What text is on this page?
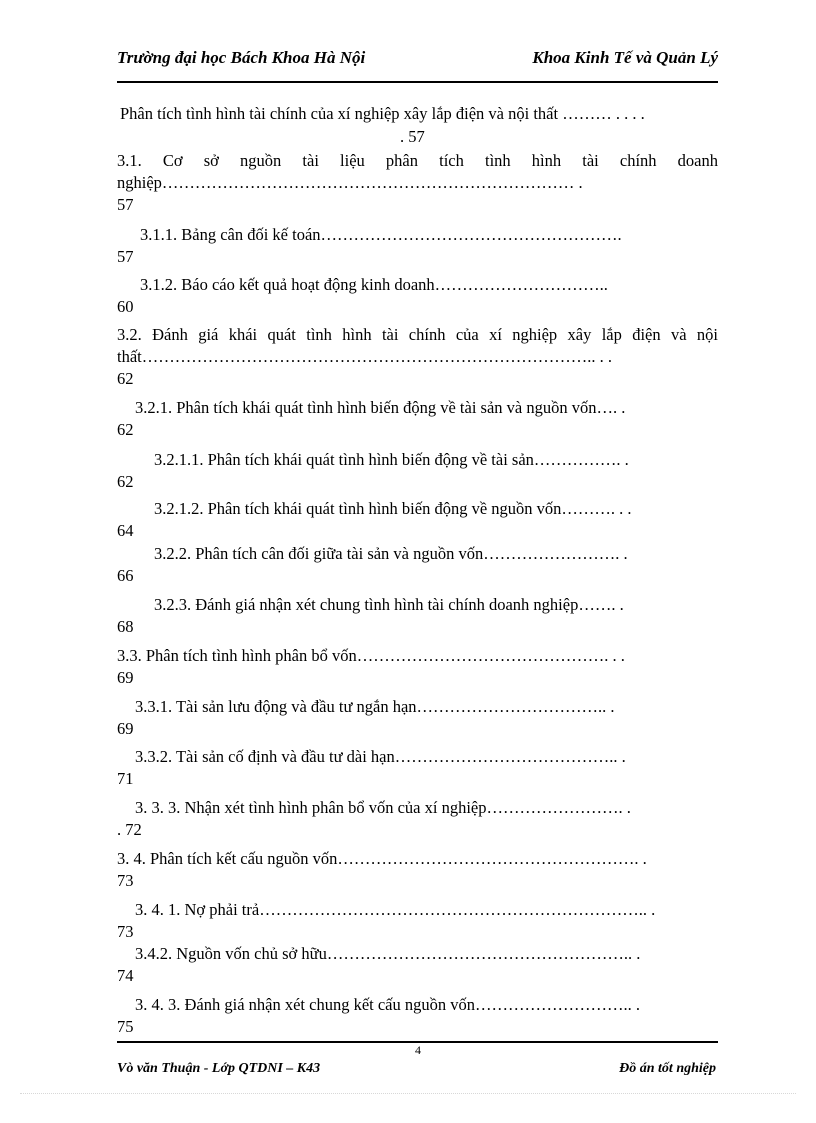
Trường đại học Bách Khoa Hà Nội	Khoa Kinh Tế và Quản Lý
Phân tích tình hình tài chính của xí nghiệp xây lắp điện và nội thất ……… . . . .
. 57
3.1. Cơ sở nguồn tài liệu phân tích tình hình tài chính doanh
nghiệp………………………………………………………………… .
57
3.1.1. Bảng cân đối kế toán……………………………………………….
57
3.1.2. Báo cáo kết quả hoạt động kinh doanh…………………………..
60
3.2. Đánh giá khái quát tình hình tài chính của xí nghiệp xây lắp điện và nội
thất……………………………………………………………………….. . .
62
3.2.1. Phân tích khái quát tình hình biến động về tài sản và nguồn vốn…. .
62
3.2.1.1. Phân tích khái quát tình hình biến động về tài sản……………. .
62
3.2.1.2. Phân tích khái quát tình hình biến động về nguồn vốn………. . .
64
3.2.2. Phân tích cân đối giữa tài sản và nguồn vốn……………………. .
66
3.2.3. Đánh giá nhận xét chung tình hình tài chính doanh nghiệp……. .
68
3.3. Phân tích tình hình phân bổ vốn………………………………………. . .
69
3.3.1. Tài sản lưu động và đầu tư ngắn hạn…………………………….. .
69
3.3.2. Tài sản cố định và đầu tư dài hạn………………………………….. .
71
3. 3. 3. Nhận xét tình hình phân bổ vốn của xí nghiệp……………………. .
. 72
3. 4. Phân tích kết cấu nguồn vốn………………………………………………. .
73
3. 4. 1. Nợ phải trả…………………………………………………………….. .
73
3.4.2. Nguồn vốn chủ sở hữu……………………………………………….. .
74
3. 4. 3. Đánh giá nhận xét chung kết cấu nguồn vốn……………………….. .
75
4
Vò văn Thuận - Lớp QTDNI – K43	Đồ án tốt nghiệp
